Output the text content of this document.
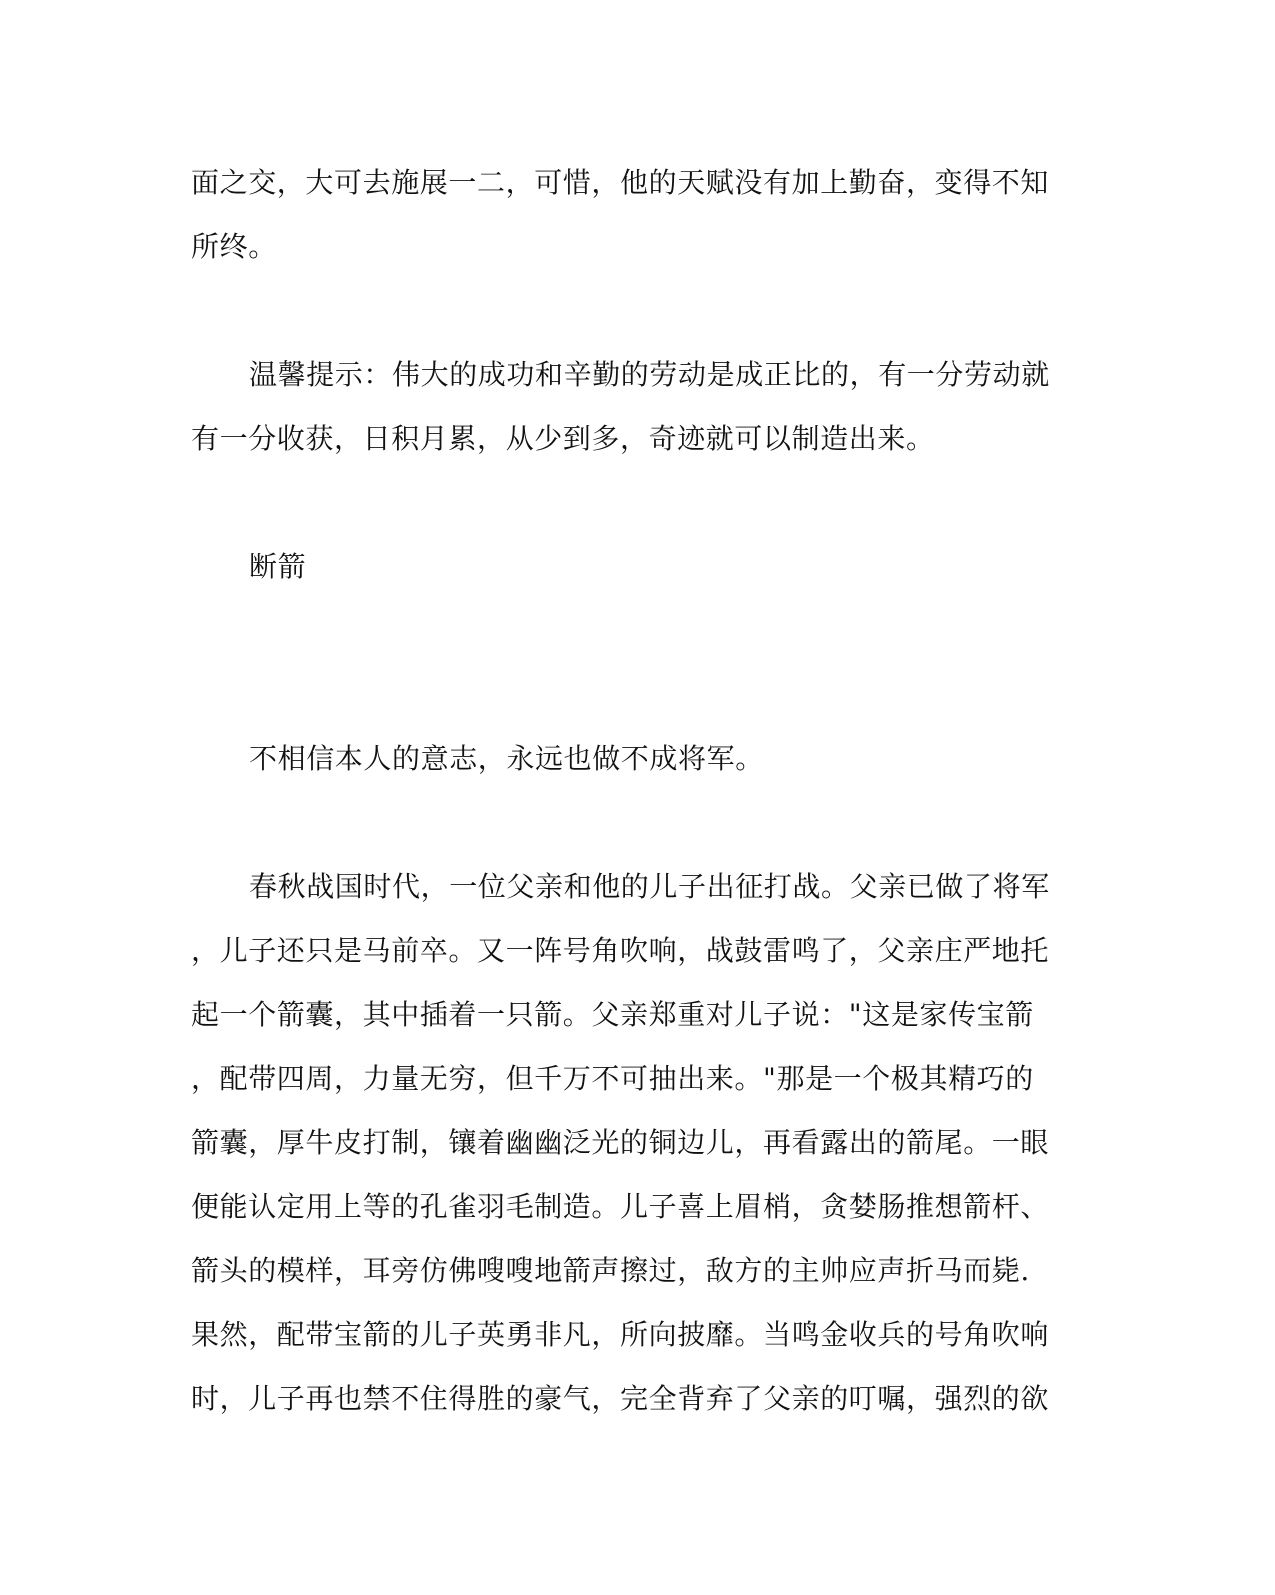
面之交，大可去施展一二，可惜，他的天赋没有加上勤奋，变得不知
所终。
温馨提示：伟大的成功和辛勤的劳动是成正比的，有一分劳动就
有一分收获，日积月累，从少到多，奇迹就可以制造出来。
断箭
不相信本人的意志，永远也做不成将军。
春秋战国时代，一位父亲和他的儿子出征打战。父亲已做了将军
，儿子还只是马前卒。又一阵号角吹响，战鼓雷鸣了，父亲庄严地托
起一个箭囊，其中插着一只箭。父亲郑重对儿子说："这是家传宝箭
，配带四周，力量无穷，但千万不可抽出来。"那是一个极其精巧的
箭囊，厚牛皮打制，镶着幽幽泛光的铜边儿，再看露出的箭尾。一眼
便能认定用上等的孔雀羽毛制造。儿子喜上眉梢，贪婪肠推想箭杆、
箭头的模样，耳旁仿佛嗖嗖地箭声擦过，敌方的主帅应声折马而毙.
果然，配带宝箭的儿子英勇非凡，所向披靡。当鸣金收兵的号角吹响
时，儿子再也禁不住得胜的豪气，完全背弃了父亲的叮嘱，强烈的欲
